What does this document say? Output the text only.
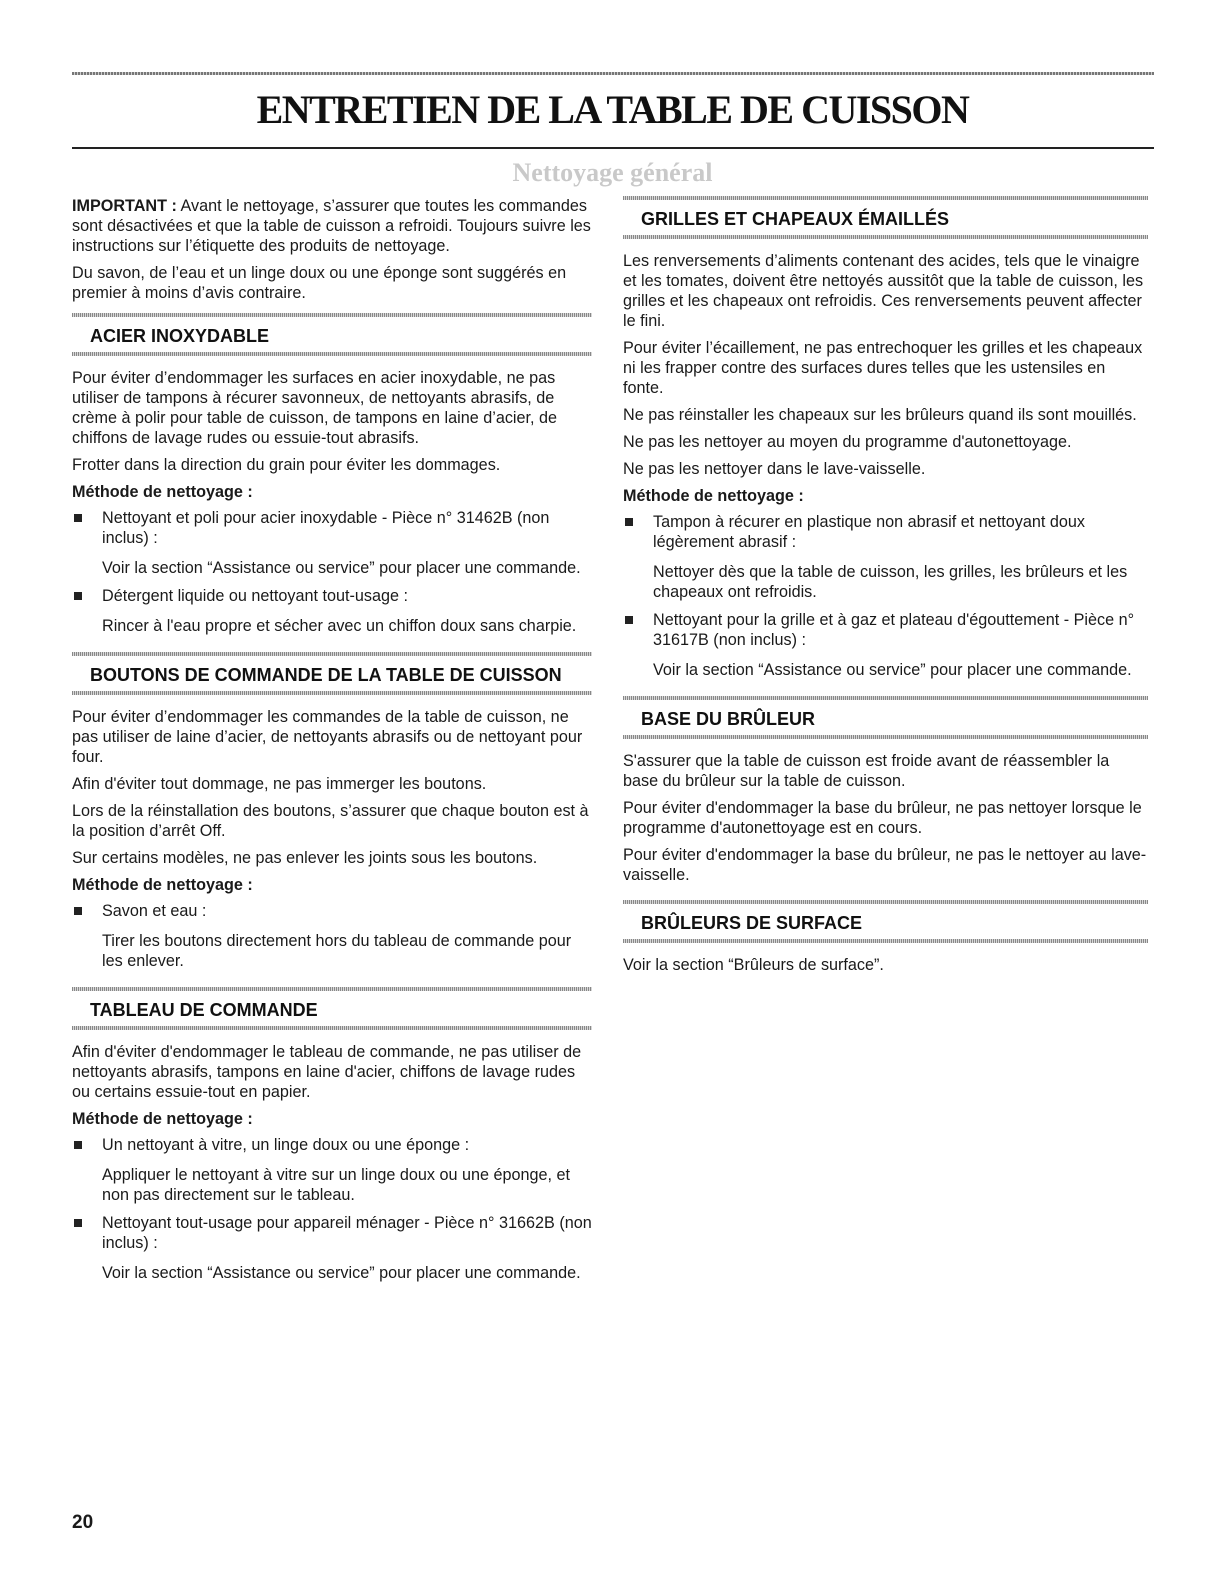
ENTRETIEN DE LA TABLE DE CUISSON
Nettoyage général

IMPORTANT : Avant le nettoyage, s’assurer que toutes les commandes sont désactivées et que la table de cuisson a refroidi. Toujours suivre les instructions sur l’étiquette des produits de nettoyage.

Du savon, de l’eau et un linge doux ou une éponge sont suggérés en premier à moins d’avis contraire.

ACIER INOXYDABLE

Pour éviter d’endommager les surfaces en acier inoxydable, ne pas utiliser de tampons à récurer savonneux, de nettoyants abrasifs, de crème à polir pour table de cuisson, de tampons en laine d’acier, de chiffons de lavage rudes ou essuie-tout abrasifs.

Frotter dans la direction du grain pour éviter les dommages.

Méthode de nettoyage :

Nettoyant et poli pour acier inoxydable - Pièce n° 31462B (non inclus) :
Voir la section “Assistance ou service” pour placer une commande.
Détergent liquide ou nettoyant tout-usage :
Rincer à l'eau propre et sécher avec un chiffon doux sans charpie.
BOUTONS DE COMMANDE DE LA TABLE DE CUISSON

Pour éviter d’endommager les commandes de la table de cuisson, ne pas utiliser de laine d’acier, de nettoyants abrasifs ou de nettoyant pour four.

Afin d'éviter tout dommage, ne pas immerger les boutons.

Lors de la réinstallation des boutons, s’assurer que chaque bouton est à la position d’arrêt Off.

Sur certains modèles, ne pas enlever les joints sous les boutons.

Méthode de nettoyage :

Savon et eau :
Tirer les boutons directement hors du tableau de commande pour les enlever.
TABLEAU DE COMMANDE

Afin d'éviter d'endommager le tableau de commande, ne pas utiliser de nettoyants abrasifs, tampons en laine d'acier, chiffons de lavage rudes ou certains essuie-tout en papier.

Méthode de nettoyage :

Un nettoyant à vitre, un linge doux ou une éponge :
Appliquer le nettoyant à vitre sur un linge doux ou une éponge, et non pas directement sur le tableau.
Nettoyant tout-usage pour appareil ménager - Pièce n° 31662B (non inclus) :
Voir la section “Assistance ou service” pour placer une commande.
GRILLES ET CHAPEAUX ÉMAILLÉS

Les renversements d’aliments contenant des acides, tels que le vinaigre et les tomates, doivent être nettoyés aussitôt que la table de cuisson, les grilles et les chapeaux ont refroidis. Ces renversements peuvent affecter le fini.

Pour éviter l’écaillement, ne pas entrechoquer les grilles et les chapeaux ni les frapper contre des surfaces dures telles que les ustensiles en fonte.

Ne pas réinstaller les chapeaux sur les brûleurs quand ils sont mouillés.

Ne pas les nettoyer au moyen du programme d'autonettoyage.

Ne pas les nettoyer dans le lave-vaisselle.

Méthode de nettoyage :

Tampon à récurer en plastique non abrasif et nettoyant doux légèrement abrasif :
Nettoyer dès que la table de cuisson, les grilles, les brûleurs et les chapeaux ont refroidis.
Nettoyant pour la grille et à gaz et plateau d'égouttement - Pièce n° 31617B (non inclus) :
Voir la section “Assistance ou service” pour placer une commande.
BASE DU BRÛLEUR

S'assurer que la table de cuisson est froide avant de réassembler la base du brûleur sur la table de cuisson.

Pour éviter d'endommager la base du brûleur, ne pas nettoyer lorsque le programme d'autonettoyage est en cours.

Pour éviter d'endommager la base du brûleur, ne pas le nettoyer au lave-vaisselle.

BRÛLEURS DE SURFACE

Voir la section “Brûleurs de surface”.

20
